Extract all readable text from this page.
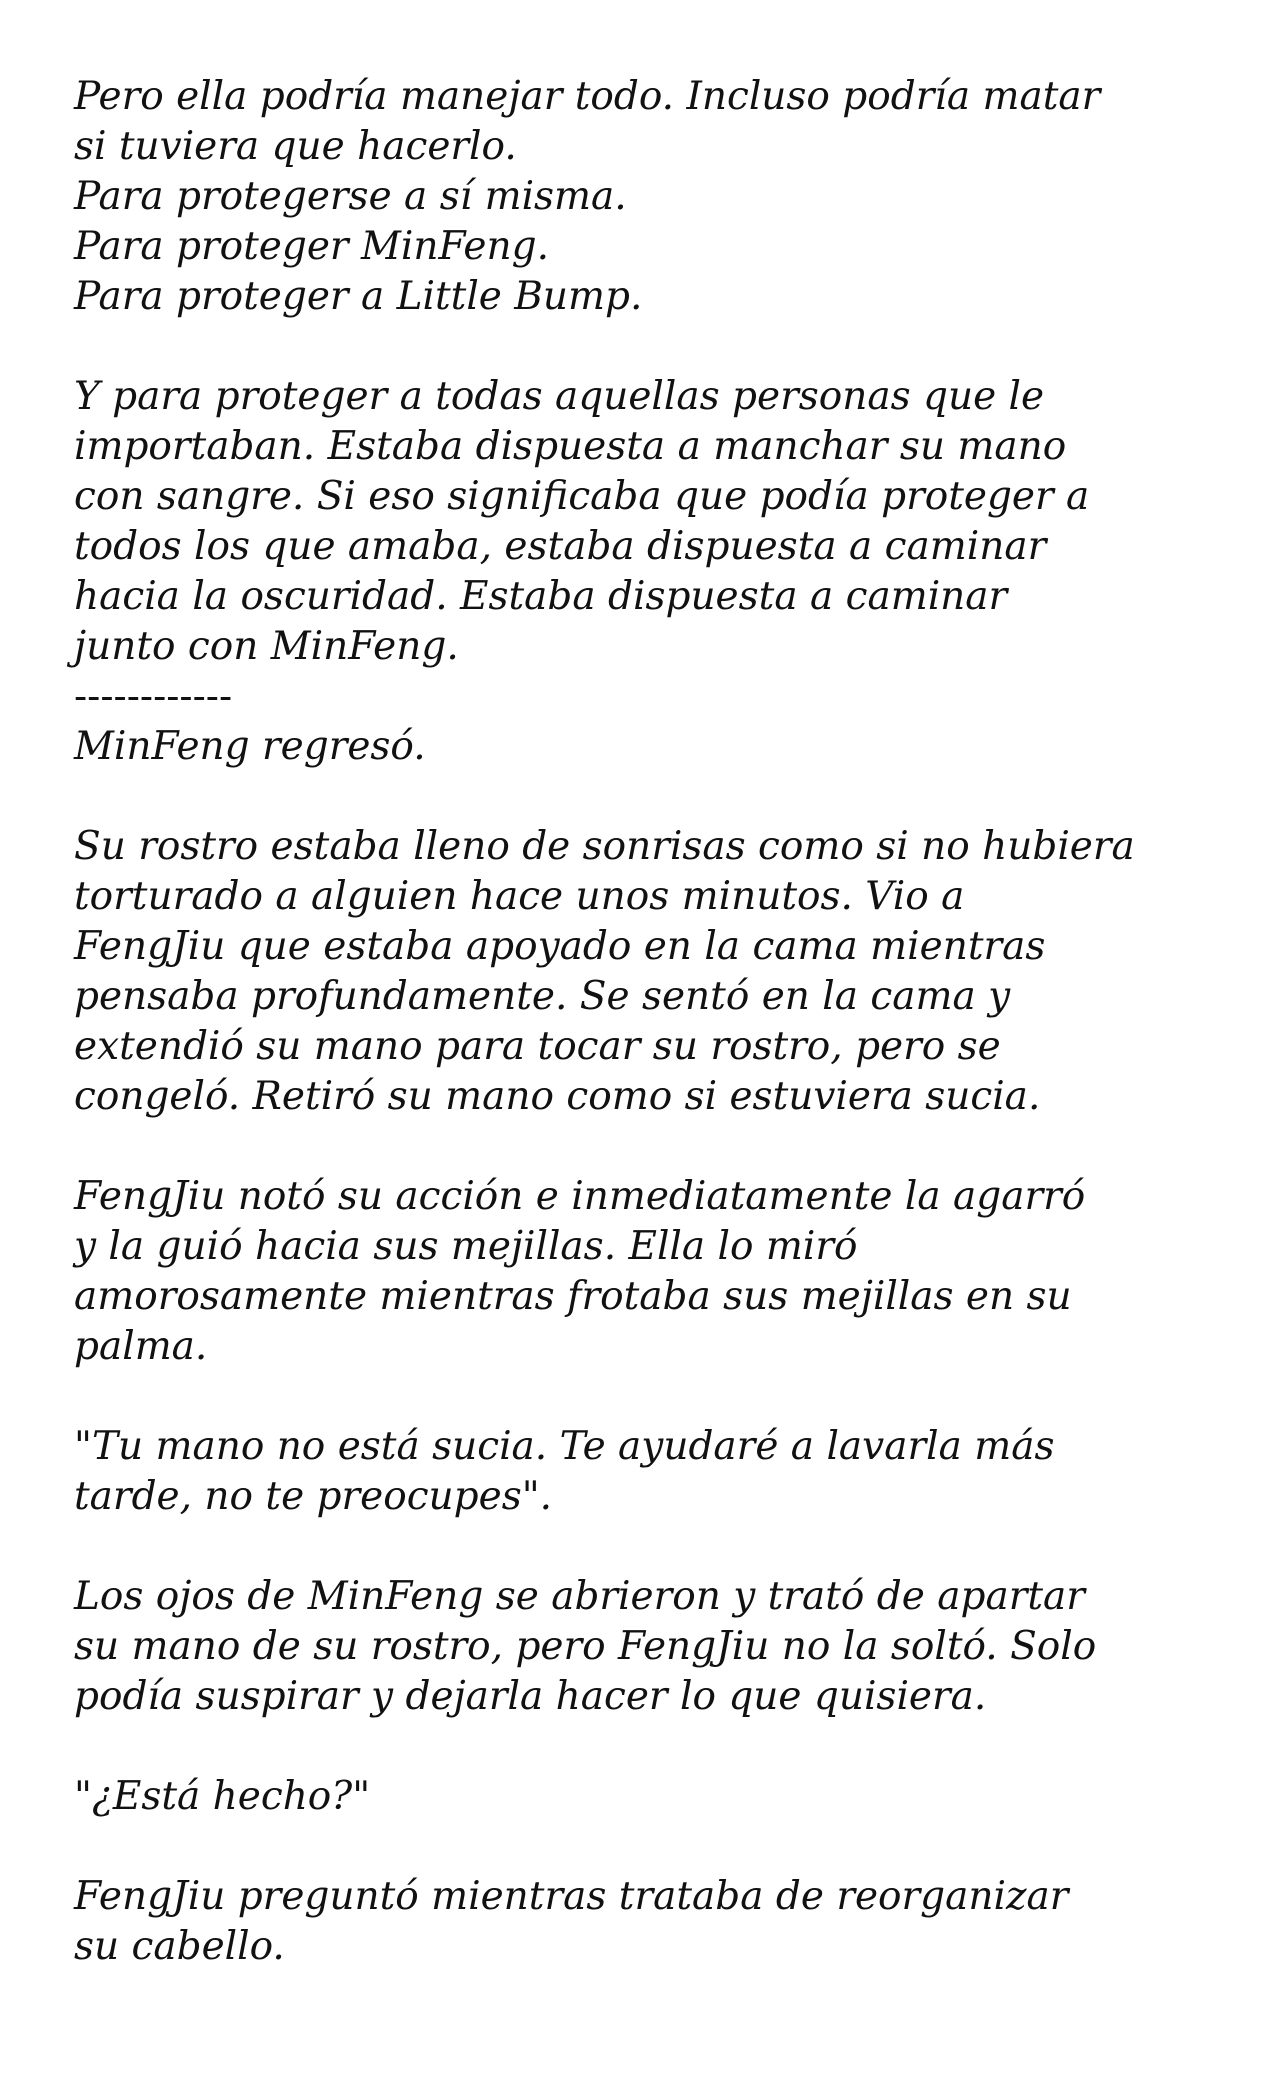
Pero ella podría manejar todo. Incluso podría matar
si tuviera que hacerlo.
Para protegerse a sí misma.
Para proteger MinFeng.
Para proteger a Little Bump.
Y para proteger a todas aquellas personas que le
importaban. Estaba dispuesta a manchar su mano
con sangre. Si eso significaba que podía proteger a
todos los que amaba, estaba dispuesta a caminar
hacia la oscuridad. Estaba dispuesta a caminar
junto con MinFeng.
------------
MinFeng regresó.
Su rostro estaba lleno de sonrisas como si no hubiera
torturado a alguien hace unos minutos. Vio a
FengJiu que estaba apoyado en la cama mientras
pensaba profundamente. Se sentó en la cama y
extendió su mano para tocar su rostro, pero se
congeló. Retiró su mano como si estuviera sucia.
FengJiu notó su acción e inmediatamente la agarró
y la guió hacia sus mejillas. Ella lo miró
amorosamente mientras frotaba sus mejillas en su
palma.
"Tu mano no está sucia. Te ayudaré a lavarla más
tarde, no te preocupes".
Los ojos de MinFeng se abrieron y trató de apartar
su mano de su rostro, pero FengJiu no la soltó. Solo
podía suspirar y dejarla hacer lo que quisiera.
"¿Está hecho?"
FengJiu preguntó mientras trataba de reorganizar
su cabello.
